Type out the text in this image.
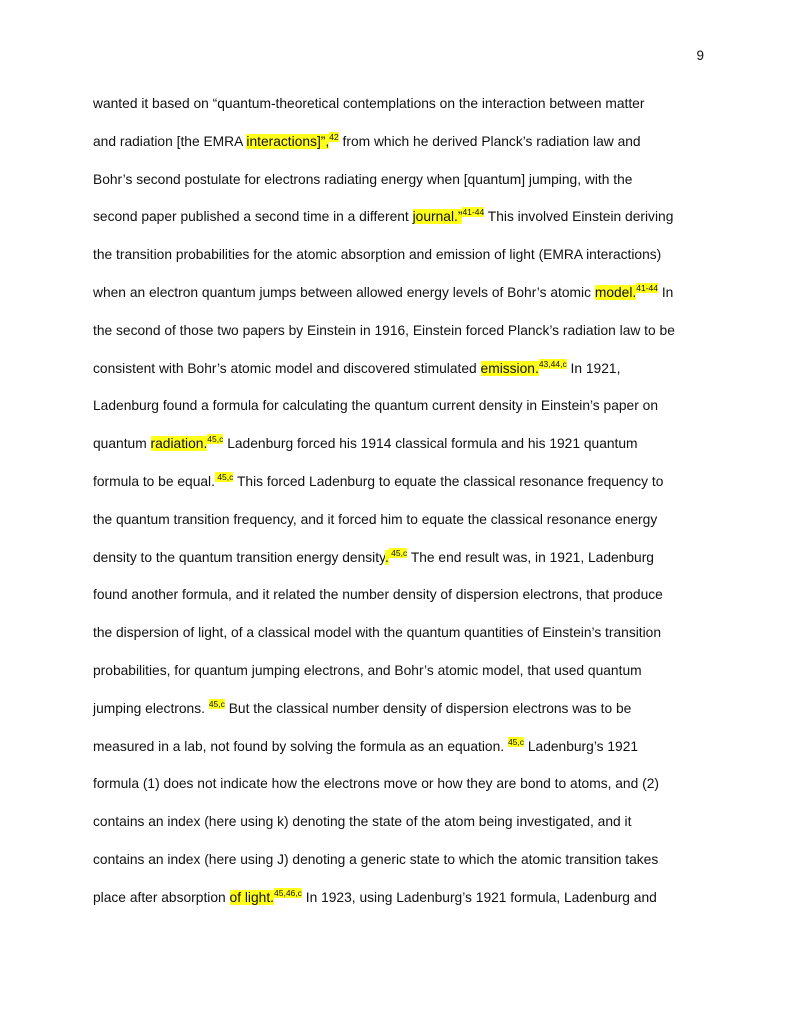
9
wanted it based on “quantum-theoretical contemplations on the interaction between matter
and radiation [the EMRA interactions]”,$^{42}$ from which he derived Planck’s radiation law and
Bohr’s second postulate for electrons radiating energy when [quantum] jumping, with the
second paper published a second time in a different journal.”$^{41-44}$ This involved Einstein deriving
the transition probabilities for the atomic absorption and emission of light (EMRA interactions)
when an electron quantum jumps between allowed energy levels of Bohr’s atomic model.$^{41-44}$ In
the second of those two papers by Einstein in 1916, Einstein forced Planck’s radiation law to be
consistent with Bohr’s atomic model and discovered stimulated emission.$^{43,44,c}$ In 1921,
Ladenburg found a formula for calculating the quantum current density in Einstein’s paper on
quantum radiation.$^{45,c}$ Ladenburg forced his 1914 classical formula and his 1921 quantum
formula to be equal. $^{45,c}$ This forced Ladenburg to equate the classical resonance frequency to
the quantum transition frequency, and it forced him to equate the classical resonance energy
density to the quantum transition energy density. $^{45,c}$ The end result was, in 1921, Ladenburg
found another formula, and it related the number density of dispersion electrons, that produce
the dispersion of light, of a classical model with the quantum quantities of Einstein’s transition
probabilities, for quantum jumping electrons, and Bohr’s atomic model, that used quantum
jumping electrons. $^{45,c}$ But the classical number density of dispersion electrons was to be
measured in a lab, not found by solving the formula as an equation. $^{45,c}$ Ladenburg’s 1921
formula (1) does not indicate how the electrons move or how they are bond to atoms, and (2)
contains an index (here using k) denoting the state of the atom being investigated, and it
contains an index (here using J) denoting a generic state to which the atomic transition takes
place after absorption of light.$^{45,46,c}$ In 1923, using Ladenburg’s 1921 formula, Ladenburg and
